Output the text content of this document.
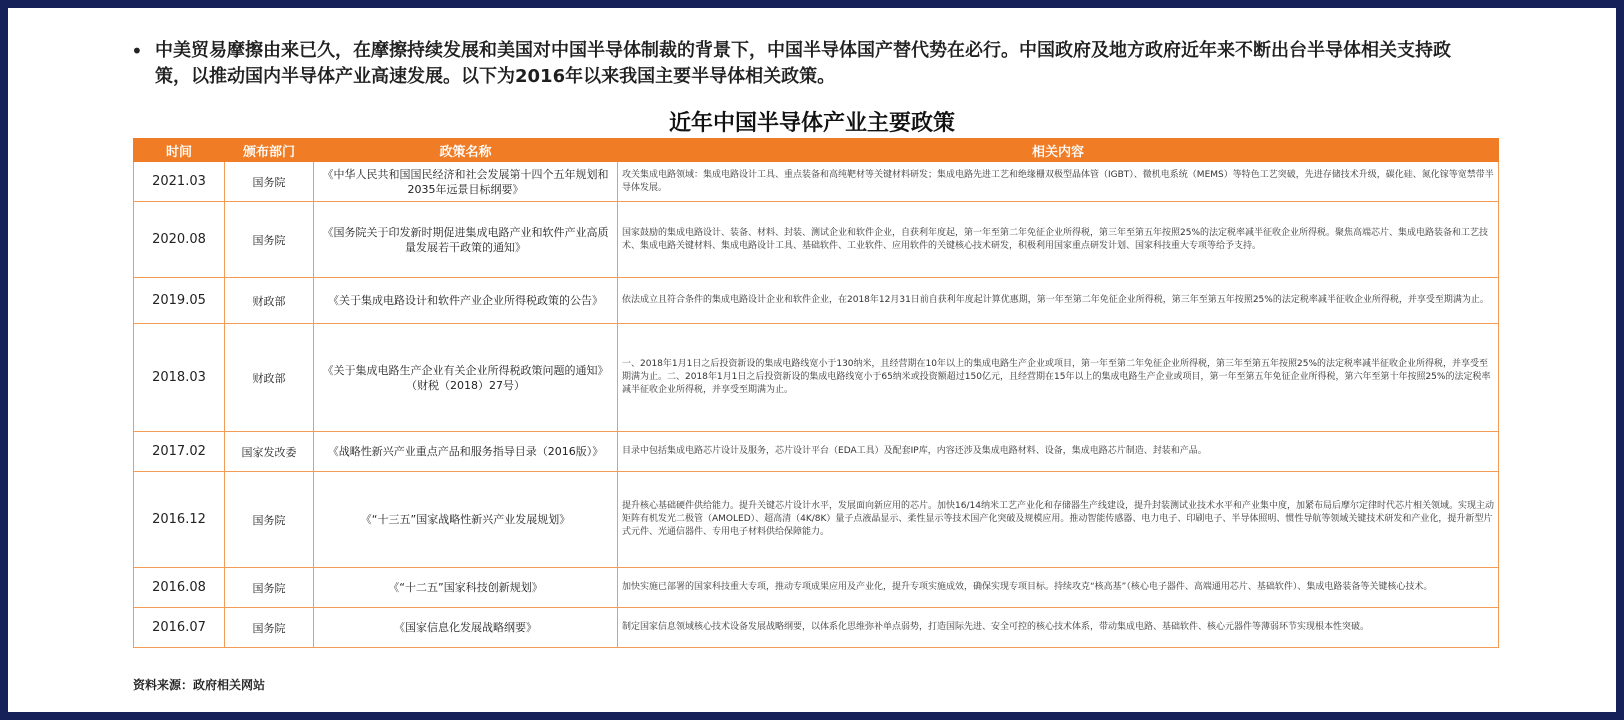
• 中美贸易摩擦由来已久，在摩擦持续发展和美国对中国半导体制裁的背景下，中国半导体国产替代势在必行。中国政府及地方政府近年来不断出台半导体相关支持政策，以推动国内半导体产业高速发展。以下为2016年以来我国主要半导体相关政策。

近年中国半导体产业主要政策
时间	颁布部门	政策名称	相关内容
2021.03	国务院	《中华人民共和国国民经济和社会发展第十四个五年规划和2035年远景目标纲要》	攻关集成电路领域：集成电路设计工具、重点装备和高纯靶材等关键材料研发；集成电路先进工艺和绝缘栅双极型晶体管（IGBT）、微机电系统（MEMS）等特色工艺突破，先进存储技术升级，碳化硅、氮化镓等宽禁带半导体发展。
2020.08	国务院	《国务院关于印发新时期促进集成电路产业和软件产业高质量发展若干政策的通知》	国家鼓励的集成电路设计、装备、材料、封装、测试企业和软件企业，自获利年度起，第一年至第二年免征企业所得税，第三年至第五年按照25%的法定税率减半征收企业所得税。聚焦高端芯片、集成电路装备和工艺技术、集成电路关键材料、集成电路设计工具、基础软件、工业软件、应用软件的关键核心技术研发，积极利用国家重点研发计划、国家科技重大专项等给予支持。
2019.05	财政部	《关于集成电路设计和软件产业企业所得税政策的公告》	依法成立且符合条件的集成电路设计企业和软件企业，在2018年12月31日前自获利年度起计算优惠期，第一年至第二年免征企业所得税，第三年至第五年按照25%的法定税率减半征收企业所得税，并享受至期满为止。
2018.03	财政部	《关于集成电路生产企业有关企业所得税政策问题的通知》（财税（2018）27号）	一、2018年1月1日之后投资新设的集成电路线宽小于130纳米，且经营期在10年以上的集成电路生产企业或项目，第一年至第二年免征企业所得税，第三年至第五年按照25%的法定税率减半征收企业所得税，并享受至期满为止。二、2018年1月1日之后投资新设的集成电路线宽小于65纳米或投资额超过150亿元，且经营期在15年以上的集成电路生产企业或项目，第一年至第五年免征企业所得税，第六年至第十年按照25%的法定税率减半征收企业所得税，并享受至期满为止。
2017.02	国家发改委	《战略性新兴产业重点产品和服务指导目录（2016版）》	目录中包括集成电路芯片设计及服务，芯片设计平台（EDA工具）及配套IP库，内容还涉及集成电路材料、设备，集成电路芯片制造、封装和产品。
2016.12	国务院	《“十三五”国家战略性新兴产业发展规划》	提升核心基础硬件供给能力。提升关键芯片设计水平，发展面向新应用的芯片。加快16/14纳米工艺产业化和存储器生产线建设，提升封装测试业技术水平和产业集中度，加紧布局后摩尔定律时代芯片相关领域。实现主动矩阵有机发光二极管（AMOLED）、超高清（4K/8K）量子点液晶显示、柔性显示等技术国产化突破及规模应用。推动智能传感器、电力电子、印刷电子、半导体照明、惯性导航等领域关键技术研发和产业化，提升新型片式元件、光通信器件、专用电子材料供给保障能力。
2016.08	国务院	《“十二五”国家科技创新规划》	加快实施已部署的国家科技重大专项，推动专项成果应用及产业化，提升专项实施成效，确保实现专项目标。持续攻克“核高基”（核心电子器件、高端通用芯片、基础软件）、集成电路装备等关键核心技术。
2016.07	国务院	《国家信息化发展战略纲要》	制定国家信息领域核心技术设备发展战略纲要，以体系化思维弥补单点弱势，打造国际先进、安全可控的核心技术体系，带动集成电路、基础软件、核心元器件等薄弱环节实现根本性突破。

资料来源：政府相关网站
